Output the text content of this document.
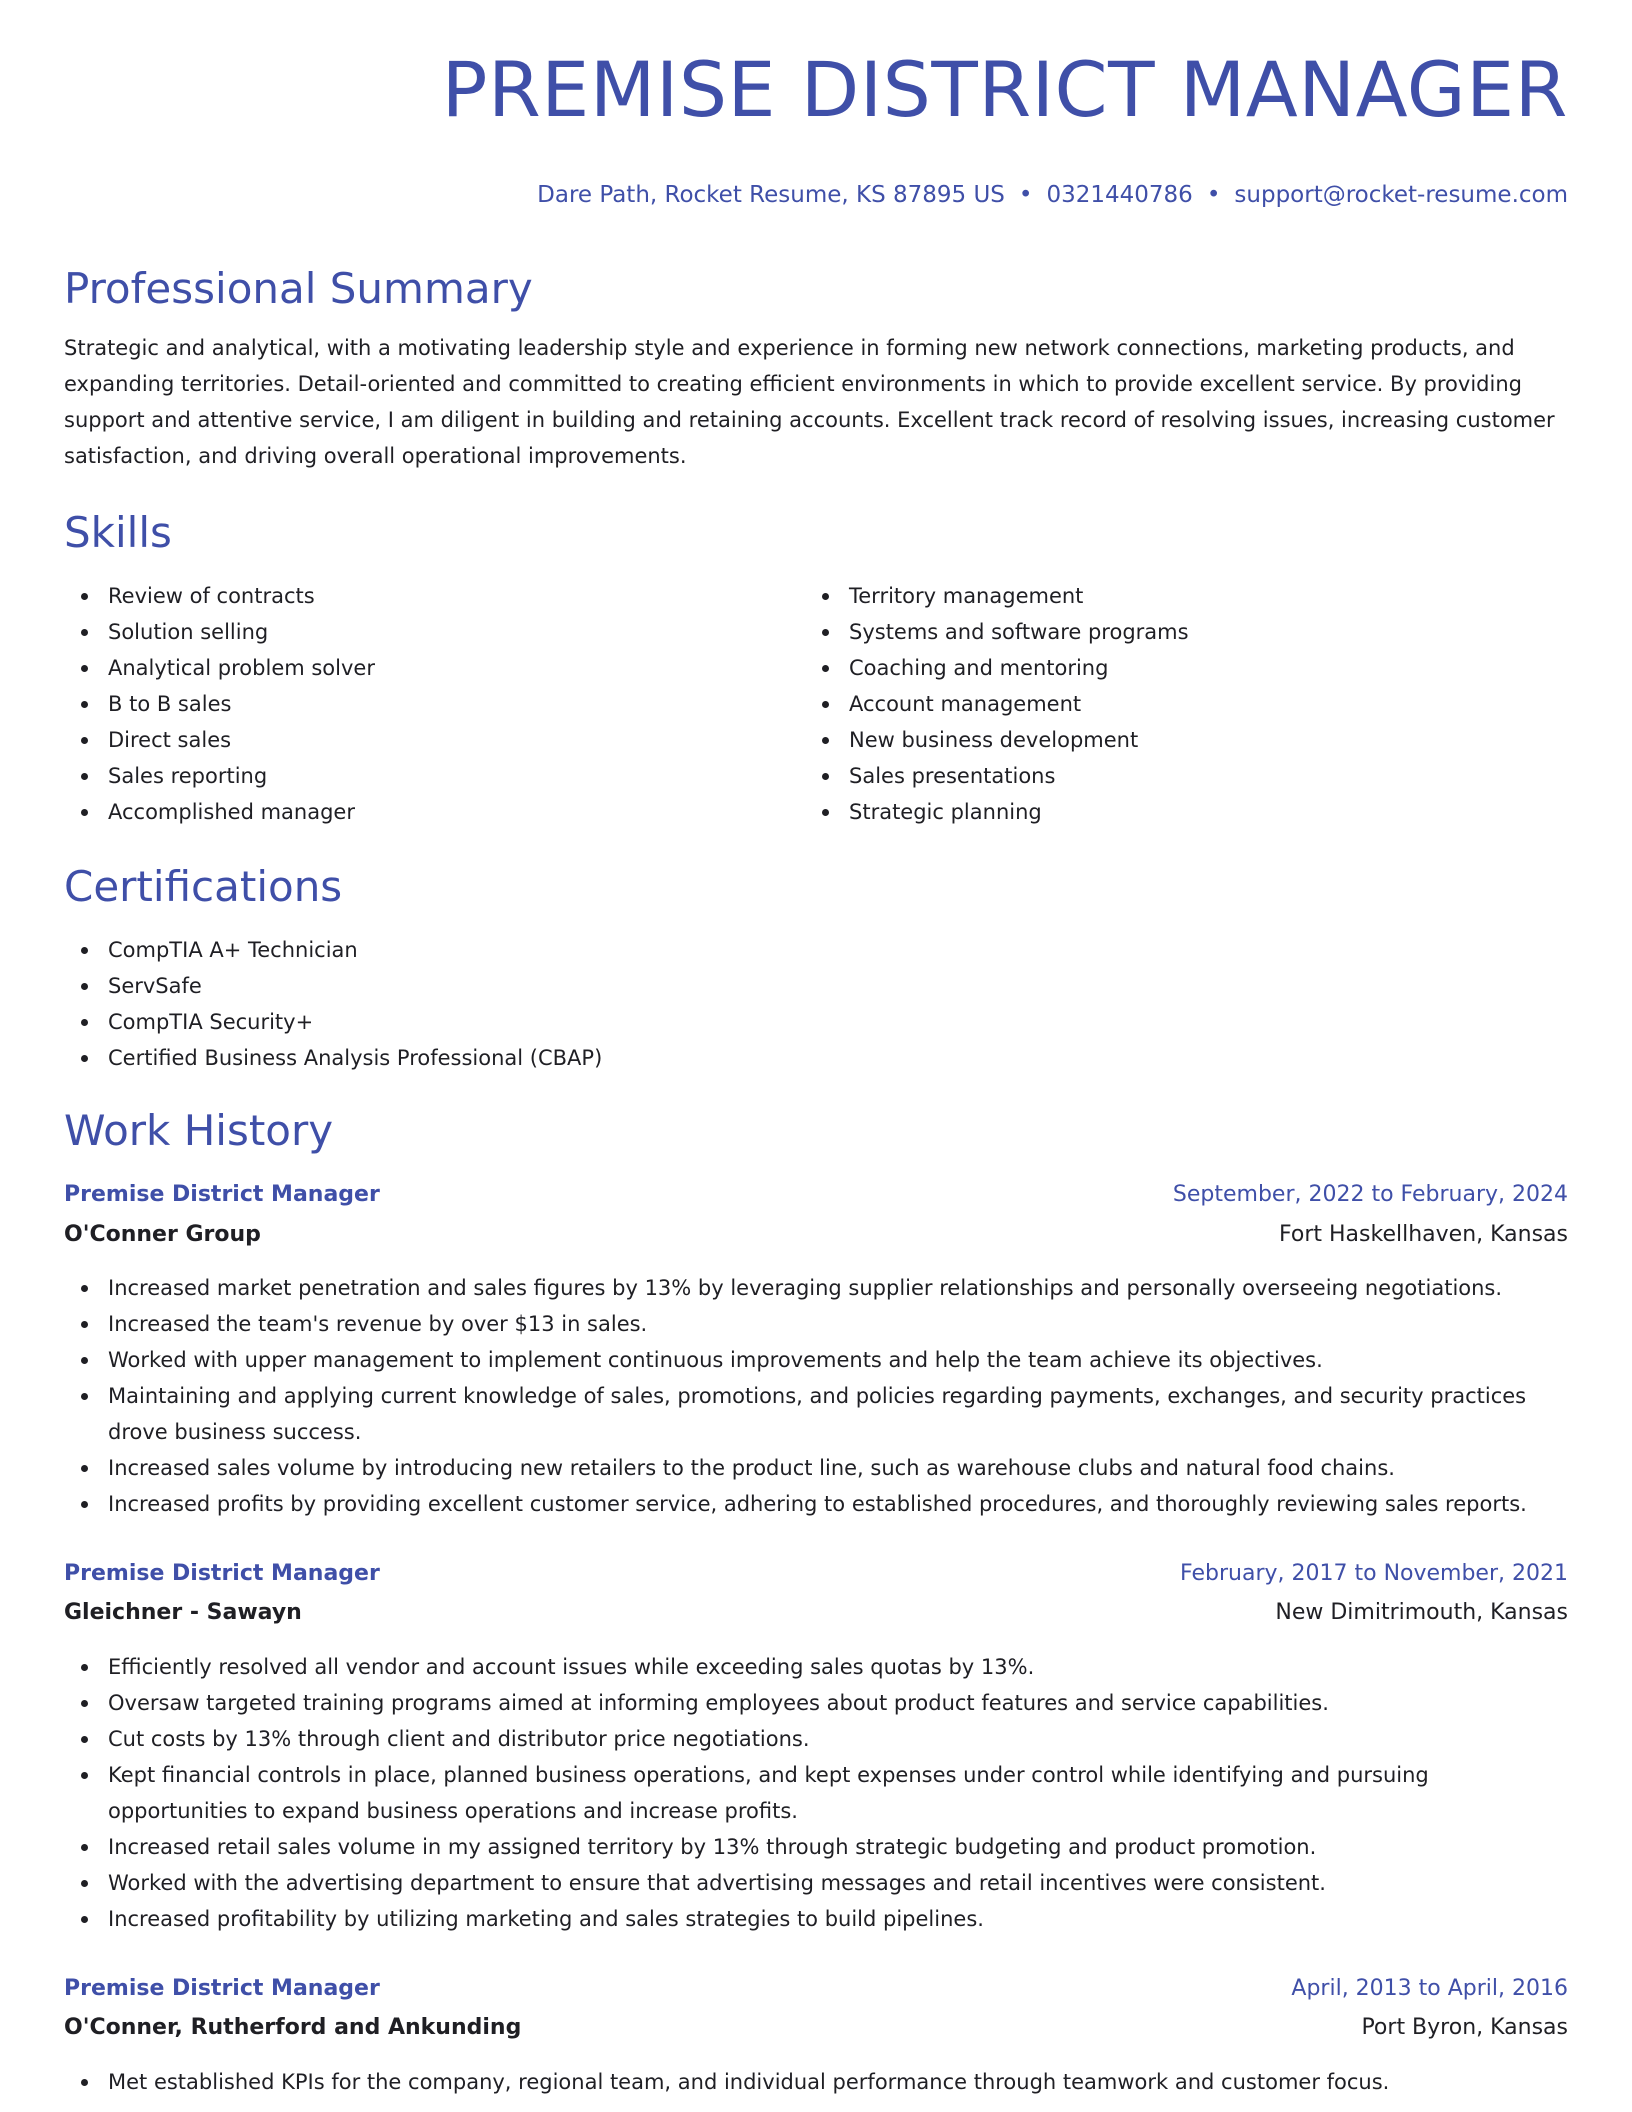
PREMISE DISTRICT MANAGER
Dare Path, Rocket Resume, KS 87895 US • 0321440786 • support@rocket-resume.com
Professional Summary
Strategic and analytical, with a motivating leadership style and experience in forming new network connections, marketing products, and expanding territories. Detail-oriented and committed to creating efficient environments in which to provide excellent service. By providing support and attentive service, I am diligent in building and retaining accounts. Excellent track record of resolving issues, increasing customer satisfaction, and driving overall operational improvements.
Skills
Review of contracts
Solution selling
Analytical problem solver
B to B sales
Direct sales
Sales reporting
Accomplished manager
Territory management
Systems and software programs
Coaching and mentoring
Account management
New business development
Sales presentations
Strategic planning
Certifications
CompTIA A+ Technician
ServSafe
CompTIA Security+
Certified Business Analysis Professional (CBAP)
Work History
Premise District Manager	September, 2022 to February, 2024
O'Conner Group	Fort Haskellhaven, Kansas
Increased market penetration and sales figures by 13% by leveraging supplier relationships and personally overseeing negotiations.
Increased the team's revenue by over $13 in sales.
Worked with upper management to implement continuous improvements and help the team achieve its objectives.
Maintaining and applying current knowledge of sales, promotions, and policies regarding payments, exchanges, and security practices drove business success.
Increased sales volume by introducing new retailers to the product line, such as warehouse clubs and natural food chains.
Increased profits by providing excellent customer service, adhering to established procedures, and thoroughly reviewing sales reports.
Premise District Manager	February, 2017 to November, 2021
Gleichner - Sawayn	New Dimitrimouth, Kansas
Efficiently resolved all vendor and account issues while exceeding sales quotas by 13%.
Oversaw targeted training programs aimed at informing employees about product features and service capabilities.
Cut costs by 13% through client and distributor price negotiations.
Kept financial controls in place, planned business operations, and kept expenses under control while identifying and pursuing opportunities to expand business operations and increase profits.
Increased retail sales volume in my assigned territory by 13% through strategic budgeting and product promotion.
Worked with the advertising department to ensure that advertising messages and retail incentives were consistent.
Increased profitability by utilizing marketing and sales strategies to build pipelines.
Premise District Manager	April, 2013 to April, 2016
O'Conner, Rutherford and Ankunding	Port Byron, Kansas
Met established KPIs for the company, regional team, and individual performance through teamwork and customer focus.
